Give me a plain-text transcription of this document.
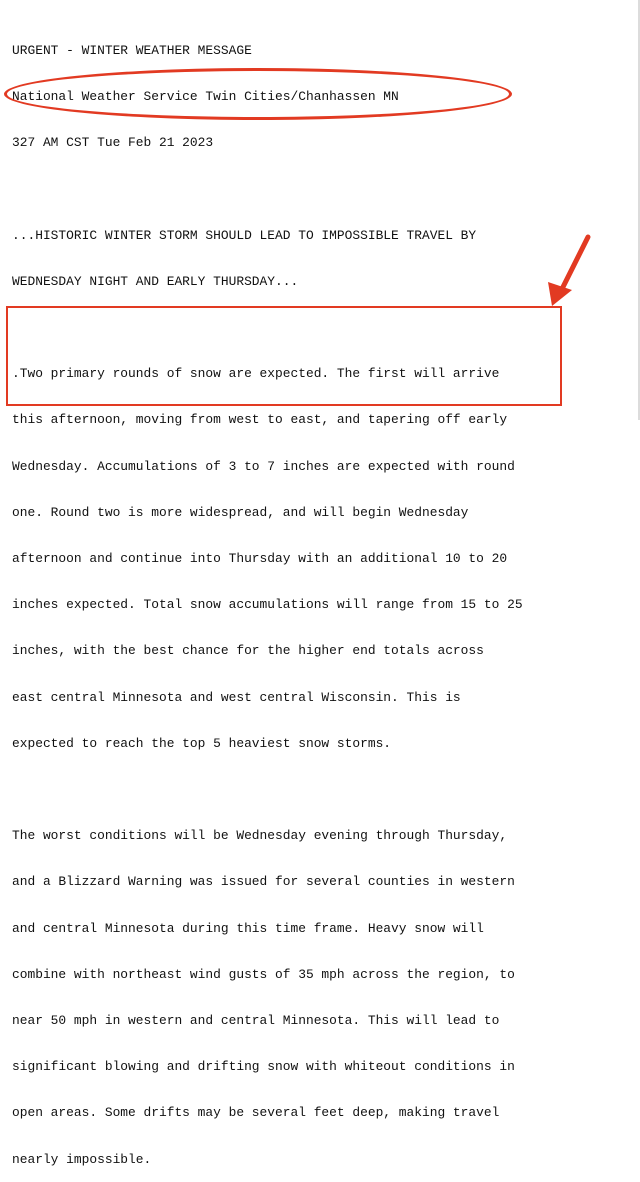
URGENT - WINTER WEATHER MESSAGE

National Weather Service Twin Cities/Chanhassen MN

327 AM CST Tue Feb 21 2023

...HISTORIC WINTER STORM SHOULD LEAD TO IMPOSSIBLE TRAVEL BY

WEDNESDAY NIGHT AND EARLY THURSDAY...

.Two primary rounds of snow are expected. The first will arrive

this afternoon, moving from west to east, and tapering off early

Wednesday. Accumulations of 3 to 7 inches are expected with round

one. Round two is more widespread, and will begin Wednesday

afternoon and continue into Thursday with an additional 10 to 20

inches expected. Total snow accumulations will range from 15 to 25

inches, with the best chance for the higher end totals across

east central Minnesota and west central Wisconsin. This is

expected to reach the top 5 heaviest snow storms.

The worst conditions will be Wednesday evening through Thursday,

and a Blizzard Warning was issued for several counties in western

and central Minnesota during this time frame. Heavy snow will

combine with northeast wind gusts of 35 mph across the region, to

near 50 mph in western and central Minnesota. This will lead to

significant blowing and drifting snow with whiteout conditions in

open areas. Some drifts may be several feet deep, making travel

nearly impossible.
